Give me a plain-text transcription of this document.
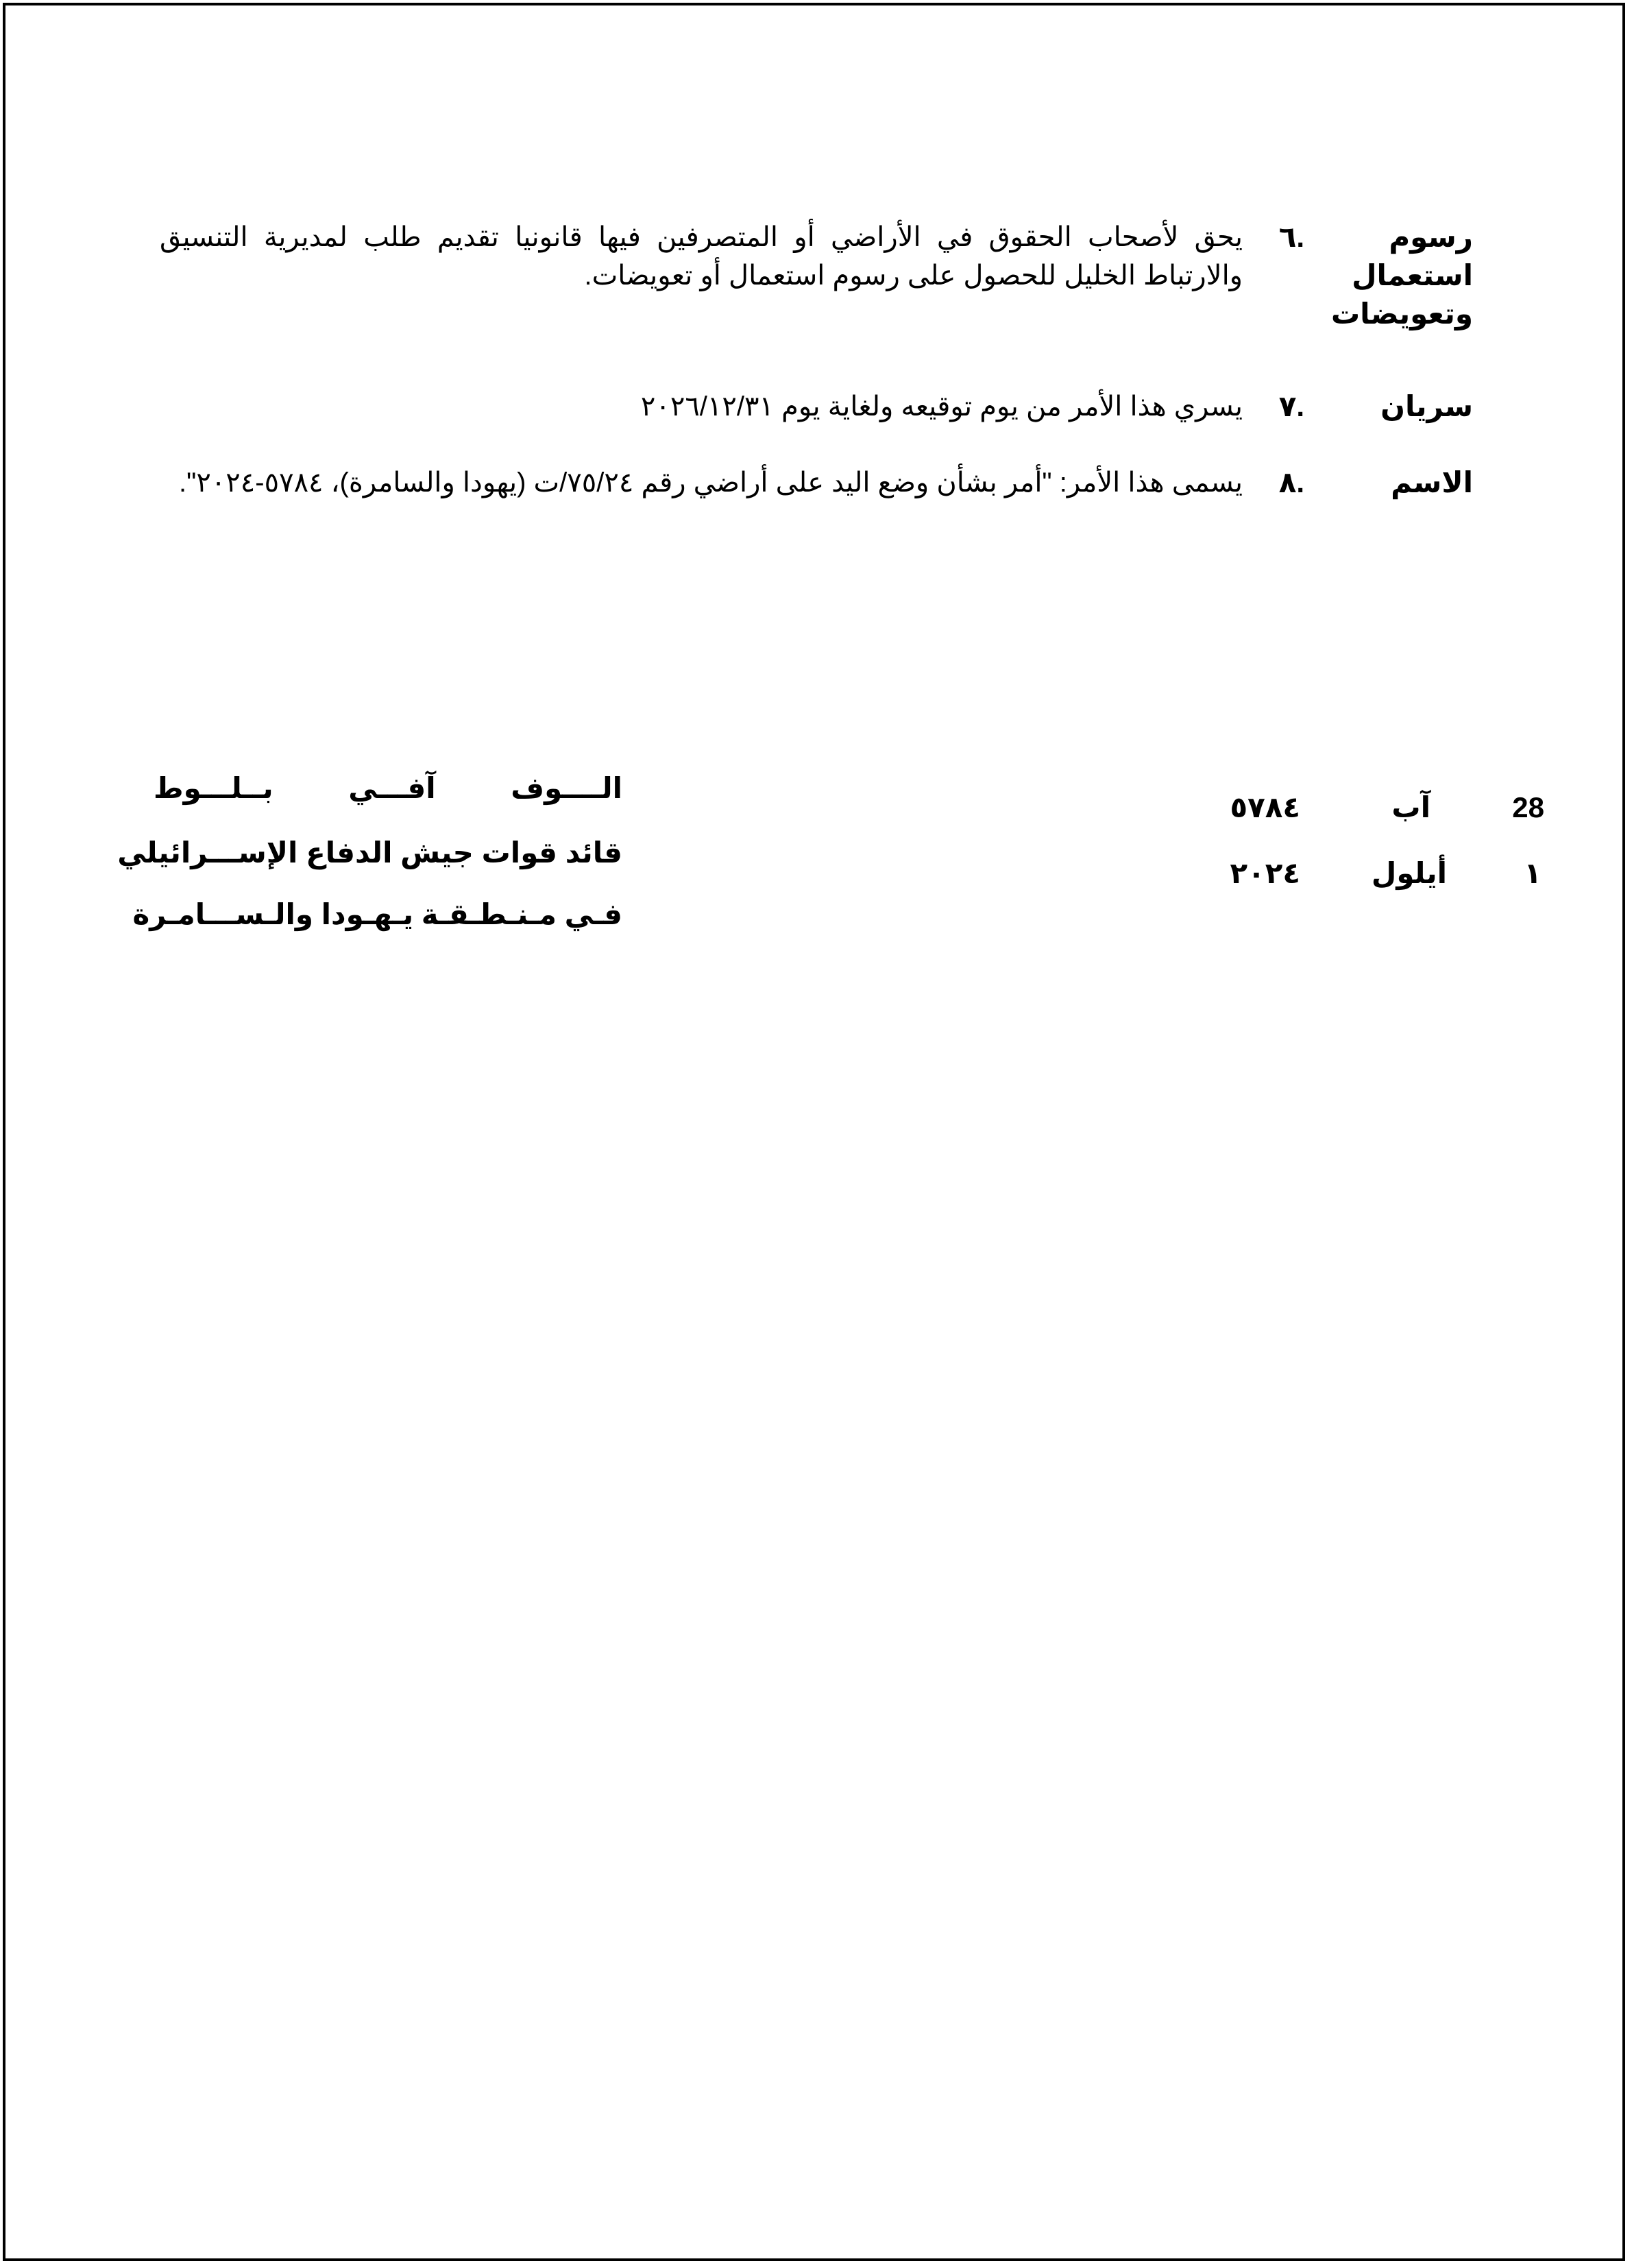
رسوم
استعمال
وتعويضات
.٦
يحق لأصحاب الحقوق في الأراضي أو المتصرفين فيها قانونيا تقديم طلب لمديرية التنسيق والارتباط الخليل للحصول على رسوم استعمال أو تعويضات.
سريان
.٧
يسري هذا الأمر من يوم توقيعه ولغاية يوم ٢٠٢٦/١٢/٣١
الاسم
.٨
يسمى هذا الأمر: "أمر بشأن وضع اليد على أراضي رقم ٧٥/٢٤/ت (يهودا والسامرة)، ٥٧٨٤-٢٠٢٤".
الــــوف آفـــي بــلـــوط
قائد قوات جيش الدفاع الإســـرائيلي
فـي مـنـطـقـة يـهـودا والـســـامـرة
28
آب
٥٧٨٤
١
أيلول
٢٠٢٤
